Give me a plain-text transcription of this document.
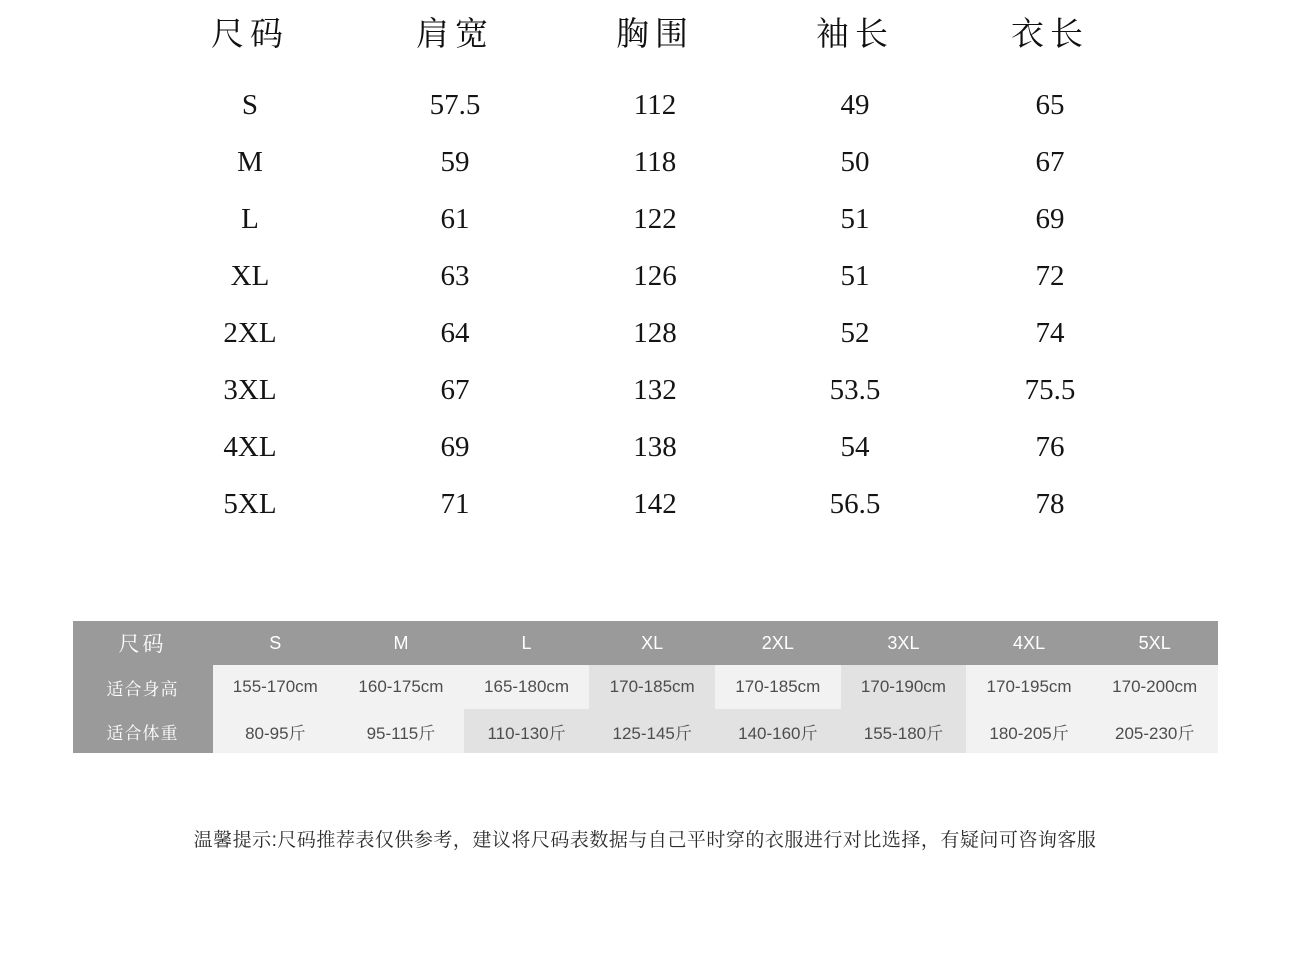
尺码	肩宽	胸围	袖长	衣长
S	57.5	112	49	65
M	59	118	50	67
L	61	122	51	69
XL	63	126	51	72
2XL	64	128	52	74
3XL	67	132	53.5	75.5
4XL	69	138	54	76
5XL	71	142	56.5	78
尺码	S	M	L	XL	2XL	3XL	4XL	5XL
适合身高	155-170cm	160-175cm	165-180cm	170-185cm	170-185cm	170-190cm	170-195cm	170-200cm
适合体重	80-95斤	95-115斤	110-130斤	125-145斤	140-160斤	155-180斤	180-205斤	205-230斤
温馨提示:尺码推荐表仅供参考，建议将尺码表数据与自己平时穿的衣服进行对比选择，有疑问可咨询客服
